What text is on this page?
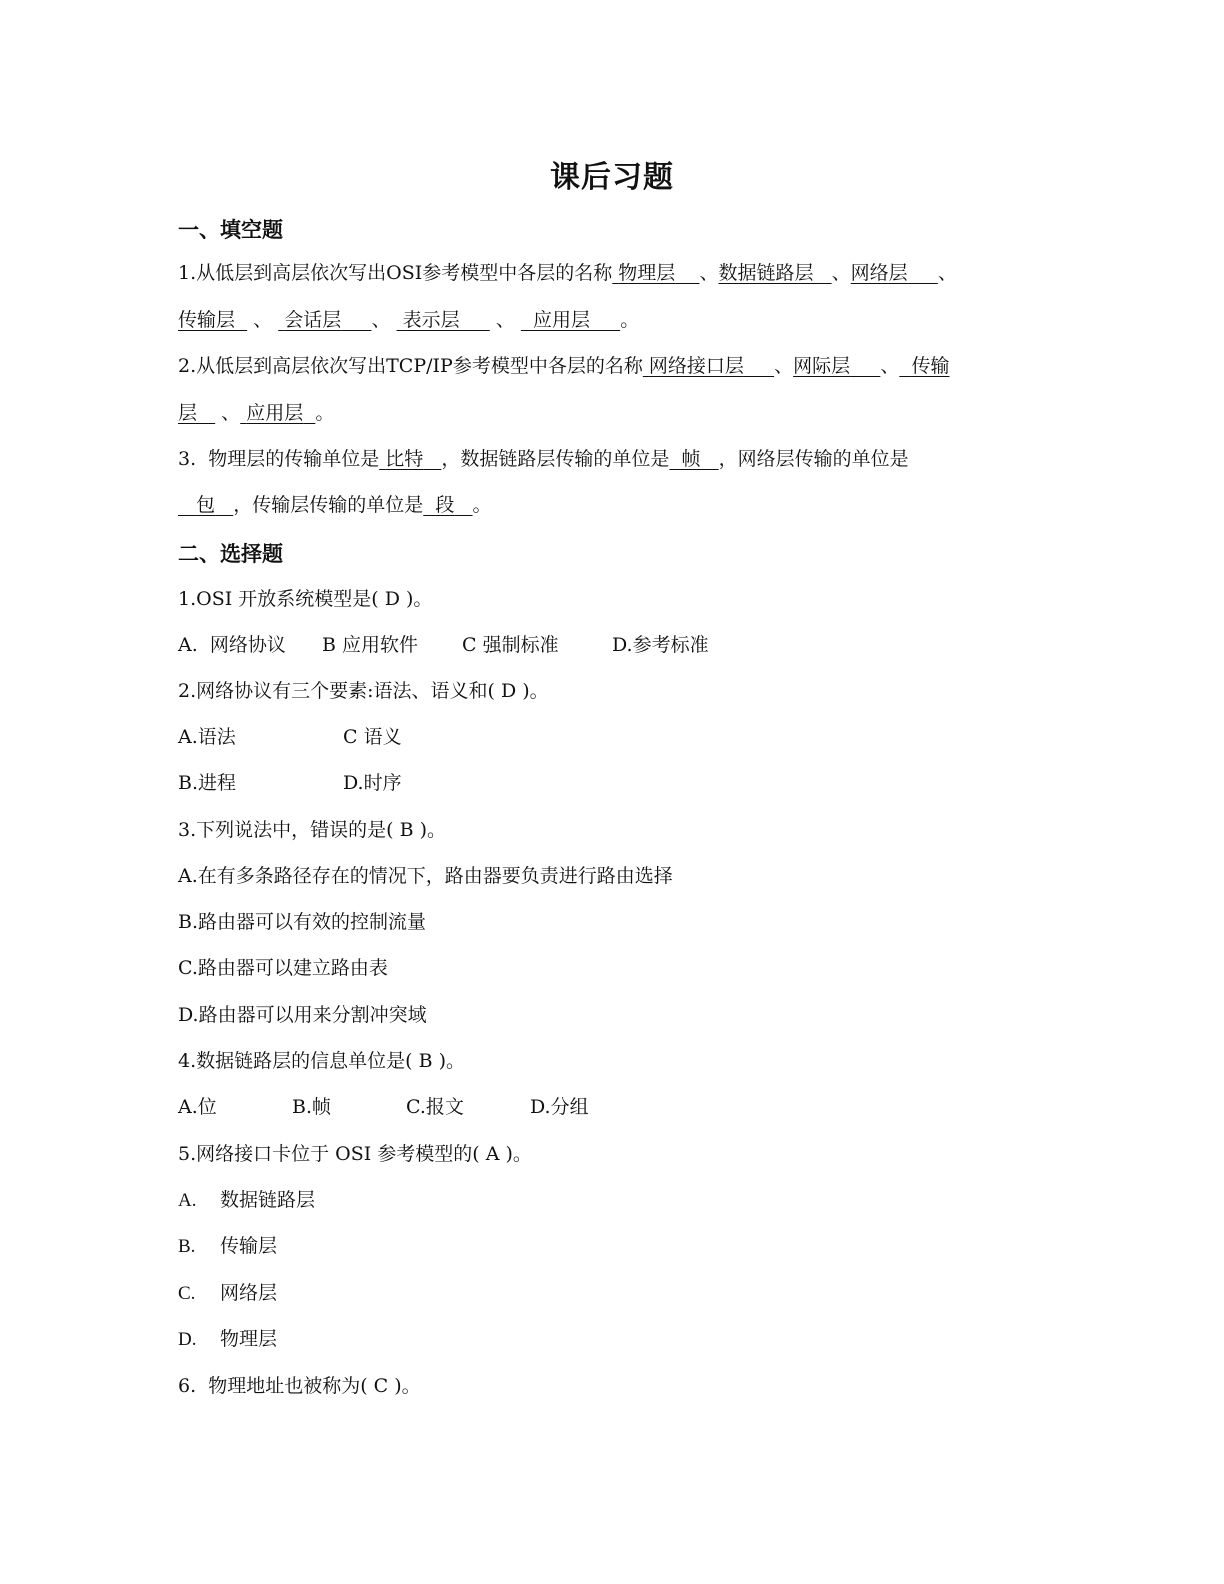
课后习题
一、填空题
1.从低层到高层依次写出OSI参考模型中各层的名称 物理层 、数据链路层 、网络层 、
传输层   、  会话层 、  表示层      、   应用层 。
2.从低层到高层依次写出TCP/IP参考模型中各层的名称 网络接口层 、网际层 、 传输
层    、 应用层 。
3.  物理层的传输单位是 比特 ，数据链路层传输的单位是 帧 ，网络层传输的单位是
包 ，传输层传输的单位是 段 。
二、选择题
1.OSI 开放系统模型是( D )。
A.  网络协议 B 应用软件 C 强制标准	D.参考标准
2.网络协议有三个要素:语法、语义和( D )。
A.语法	C 语义
B.进程	D.时序
3.下列说法中，错误的是( B )。
A.在有多条路径存在的情况下，路由器要负责进行路由选择
B.路由器可以有效的控制流量
C.路由器可以建立路由表
D.路由器可以用来分割冲突域
4.数据链路层的信息单位是( B )。
A.位	B.帧	C.报文	D.分组
5.网络接口卡位于 OSI 参考模型的( A )。
A. 数据链路层
B. 传输层
C. 网络层
D. 物理层
6.  物理地址也被称为( C )。
